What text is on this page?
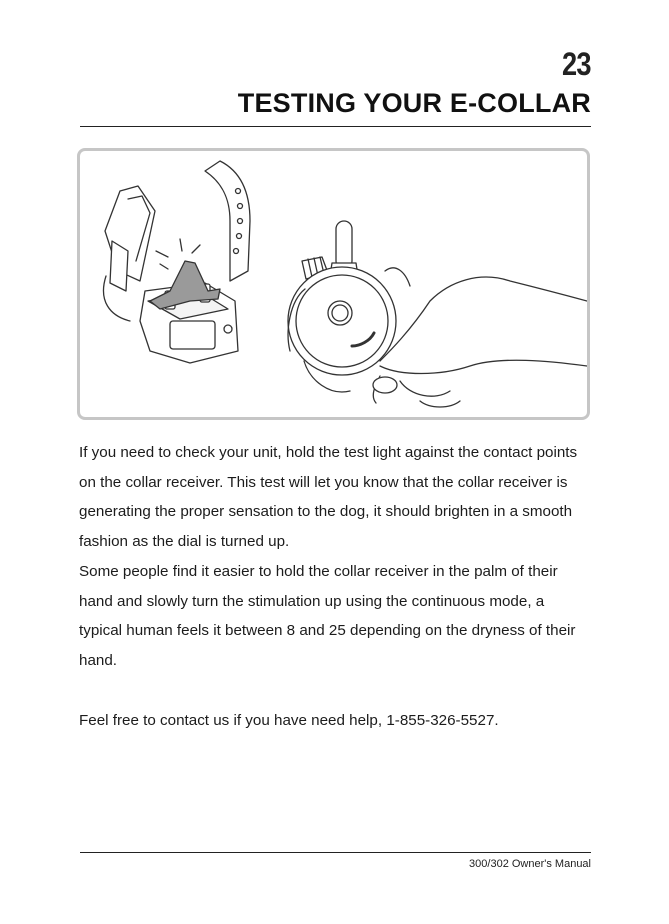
23
TESTING YOUR E-COLLAR

If you need to check your unit, hold the test light against the contact points on the collar receiver. This test will let you know that the collar receiver is generating the proper sensation to the dog, it should brighten in a smooth fashion as the dial is turned up.

Some people find it easier to hold the collar receiver in the palm of their hand and slowly turn the stimulation up using the continuous mode, a typical human feels it between 8 and 25 depending on the dryness of their hand.

Feel free to contact us if you have need help, 1-855-326-5527.
300/302 Owner's Manual
